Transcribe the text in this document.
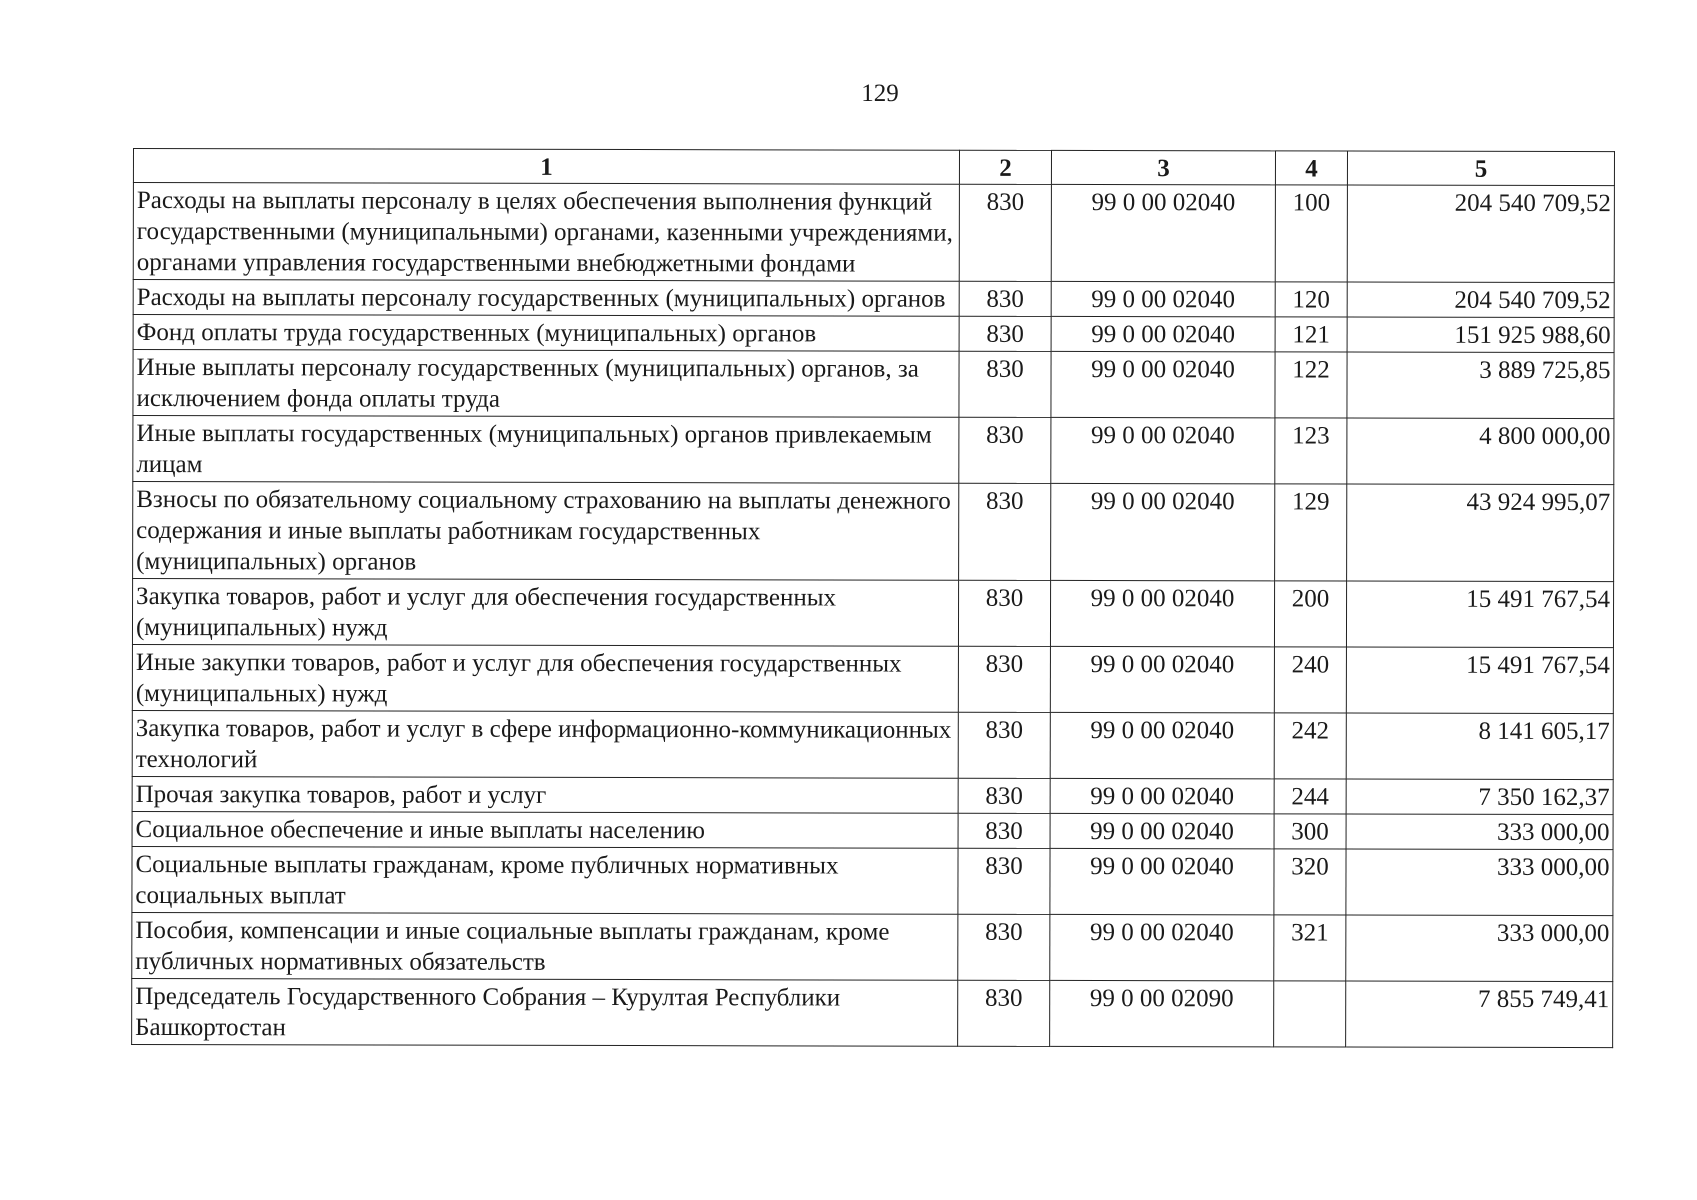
129
1	2	3	4	5
Расходы на выплаты персоналу в целях обеспечения выполнения функций государственными (муниципальными) органами, казенными учреждениями, органами управления государственными внебюджетными фондами	830	99 0 00 02040	100	204 540 709,52
Расходы на выплаты персоналу государственных (муниципальных) органов	830	99 0 00 02040	120	204 540 709,52
Фонд оплаты труда государственных (муниципальных) органов	830	99 0 00 02040	121	151 925 988,60
Иные выплаты персоналу государственных (муниципальных) органов, за исключением фонда оплаты труда	830	99 0 00 02040	122	3 889 725,85
Иные выплаты государственных (муниципальных) органов привлекаемым лицам	830	99 0 00 02040	123	4 800 000,00
Взносы по обязательному социальному страхованию на выплаты денежного содержания и иные выплаты работникам государственных (муниципальных) органов	830	99 0 00 02040	129	43 924 995,07
Закупка товаров, работ и услуг для обеспечения государственных (муниципальных) нужд	830	99 0 00 02040	200	15 491 767,54
Иные закупки товаров, работ и услуг для обеспечения государственных (муниципальных) нужд	830	99 0 00 02040	240	15 491 767,54
Закупка товаров, работ и услуг в сфере информационно-коммуникационных технологий	830	99 0 00 02040	242	8 141 605,17
Прочая закупка товаров, работ и услуг	830	99 0 00 02040	244	7 350 162,37
Социальное обеспечение и иные выплаты населению	830	99 0 00 02040	300	333 000,00
Социальные выплаты гражданам, кроме публичных нормативных социальных выплат	830	99 0 00 02040	320	333 000,00
Пособия, компенсации и иные социальные выплаты гражданам, кроме публичных нормативных обязательств	830	99 0 00 02040	321	333 000,00
Председатель Государственного Собрания – Курултая Республики Башкортостан	830	99 0 00 02090		7 855 749,41
